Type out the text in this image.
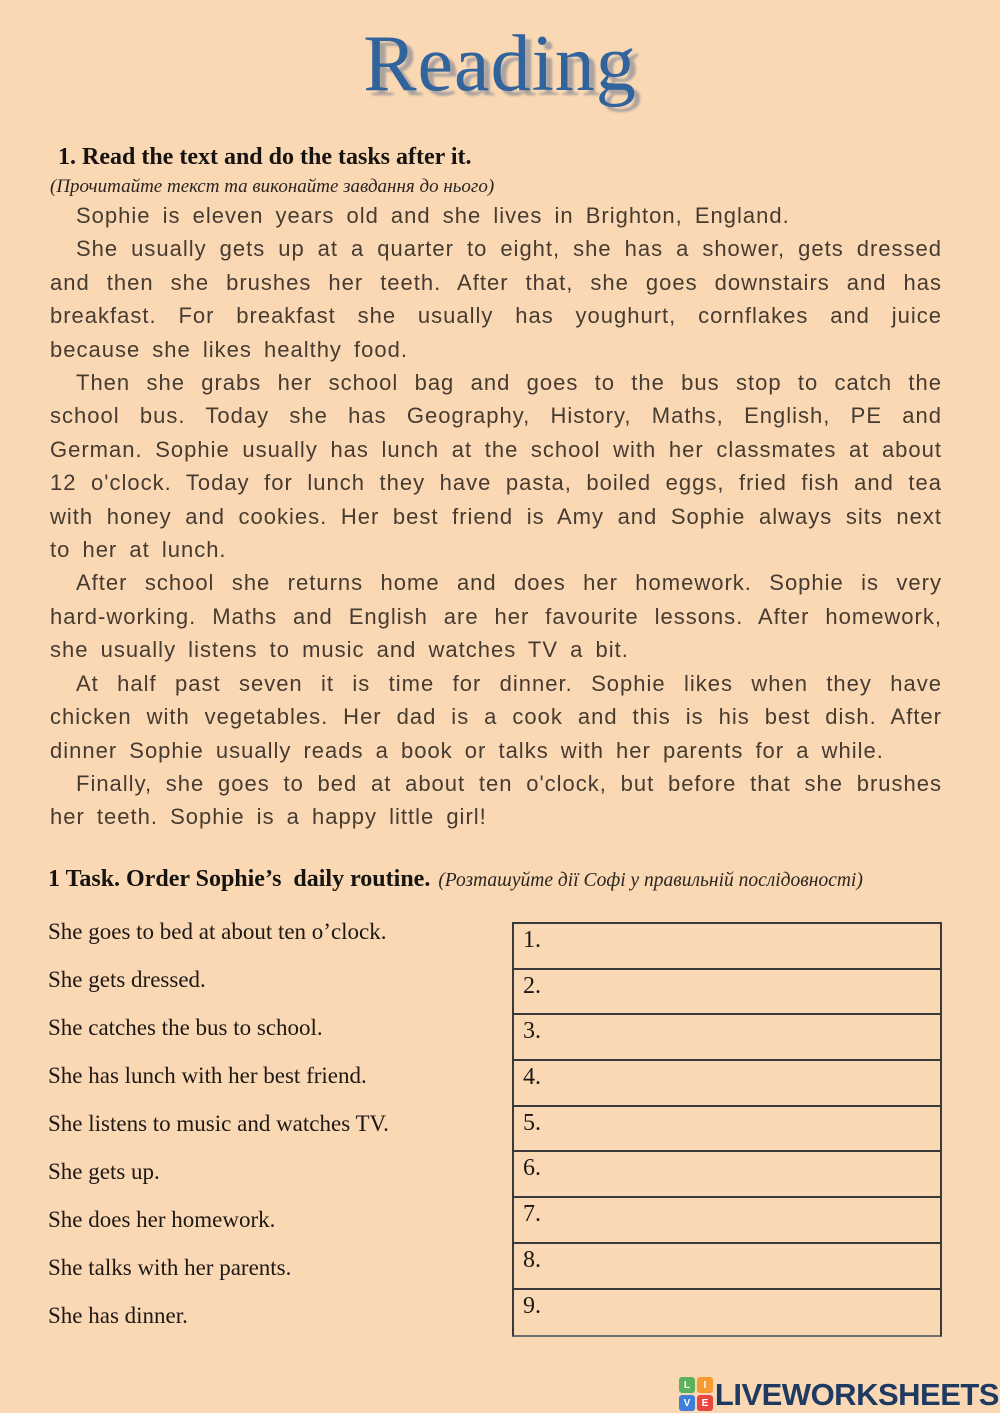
Reading
1. Read the text and do the tasks after it.
(Прочитайте текст та виконайте завдання до нього)

Sophie is eleven years old and she lives in Brighton, England.

She usually gets up at a quarter to eight, she has a shower, gets dressed and then she brushes her teeth. After that, she goes downstairs and has breakfast. For breakfast she usually has youghurt, cornflakes and juice because she likes healthy food.

Then she grabs her school bag and goes to the bus stop to catch the school bus. Today she has Geography, History, Maths, English, PE and German. Sophie usually has lunch at the school with her classmates at about 12 o'clock. Today for lunch they have pasta, boiled eggs, fried fish and tea with honey and cookies. Her best friend is Amy and Sophie always sits next to her at lunch.

After school she returns home and does her homework. Sophie is very hard-working. Maths and English are her favourite lessons. After homework, she usually listens to music and watches TV a bit.

At half past seven it is time for dinner. Sophie likes when they have chicken with vegetables. Her dad is a cook and this is his best dish. After dinner Sophie usually reads a book or talks with her parents for a while.

Finally, she goes to bed at about ten o'clock, but before that she brushes her teeth. Sophie is a happy little girl!

1 Task. Order Sophie’s  daily routine. (Розташуйте дії Софі у правильній послідовності)
She goes to bed at about ten o’clock.
She gets dressed.
She catches the bus to school.
She has lunch with her best friend.
She listens to music and watches TV.
She gets up.
She does her homework.
She talks with her parents.
She has dinner.
1.
2.
3.
4.
5.
6.
7.
8.
9.
L	I
V	E LIVEWORKSHEETS
